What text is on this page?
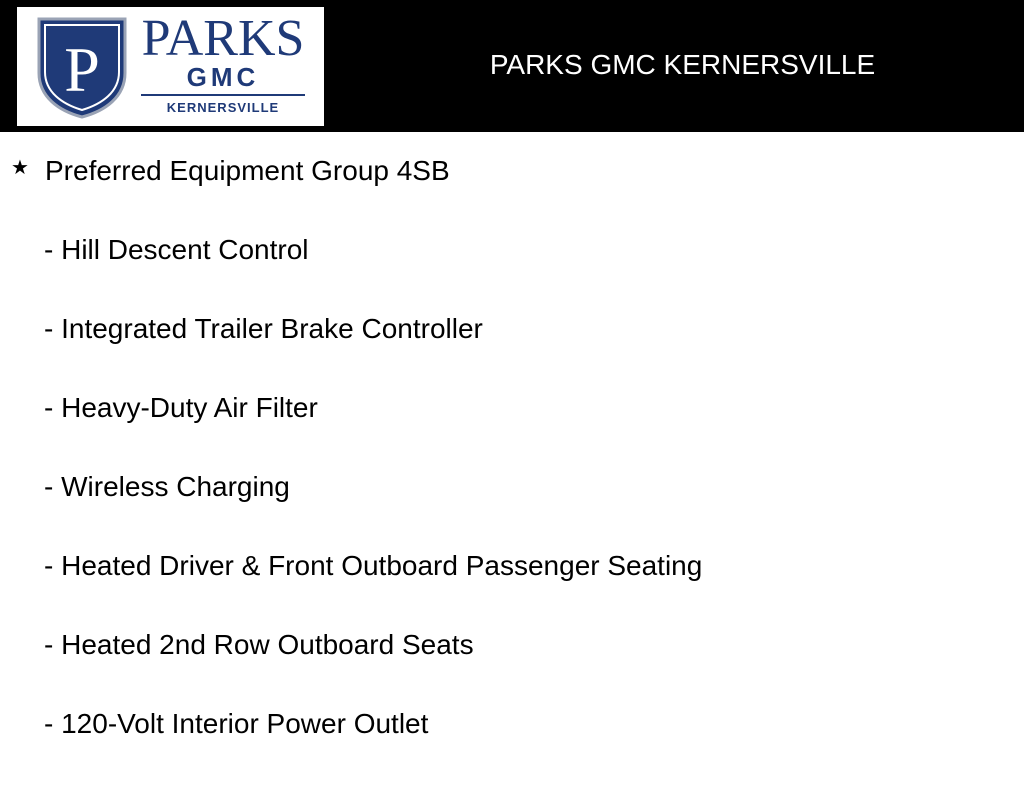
P PARKS
GMC
KERNERSVILLE
PARKS GMC KERNERSVILLE
★ Preferred Equipment Group 4SB
- Hill Descent Control
- Integrated Trailer Brake Controller
- Heavy-Duty Air Filter
- Wireless Charging
- Heated Driver & Front Outboard Passenger Seating
- Heated 2nd Row Outboard Seats
- 120-Volt Interior Power Outlet
